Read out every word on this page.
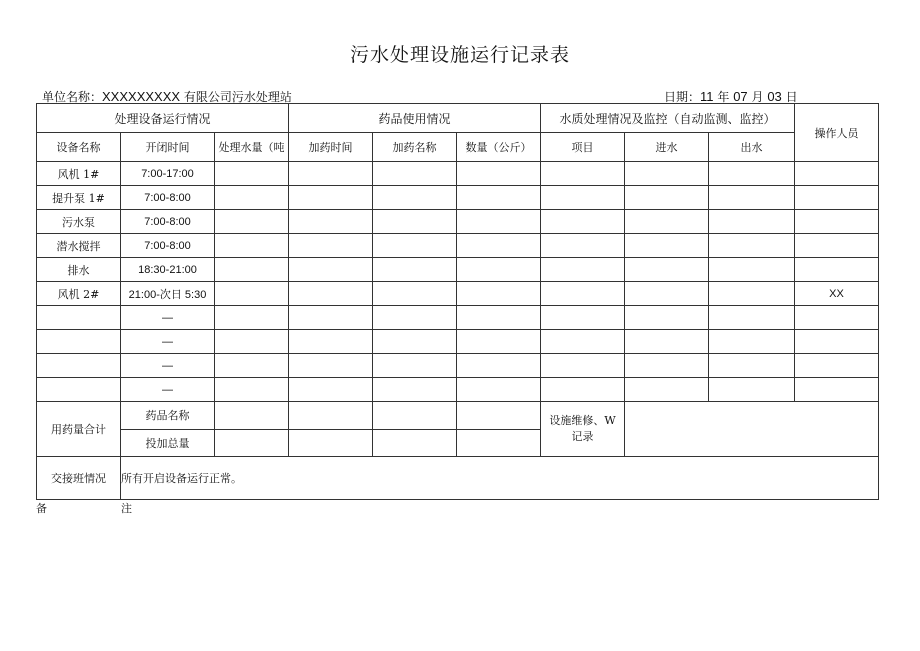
污水处理设施运行记录表
单位名称：XXXXXXXXX 有限公司污水处理站	日期：11 年 07 月 03 日
处理设备运行情况			药品使用情况			水质处理情况及监控（自动监测、监控）			操作人员
设备名称	开闭时间	处理水量（吨	加药时间	加药名称	数量（公斤）	项目	进水	出水	
风机 1#	7:00-17:00								
提升泵 1#	7:00-8:00								
污水泵	7:00-8:00								
潜水搅拌	7:00-8:00								
排水	18:30-21:00								
风机 2#	21:00-次日 5:30								XX
	—								
	—								
	—								
	—								
用药量合计	药品名称					设施维修、W
记录			
	投加总量								
交接班情况	所有开启设备运行正常。								
备	注
